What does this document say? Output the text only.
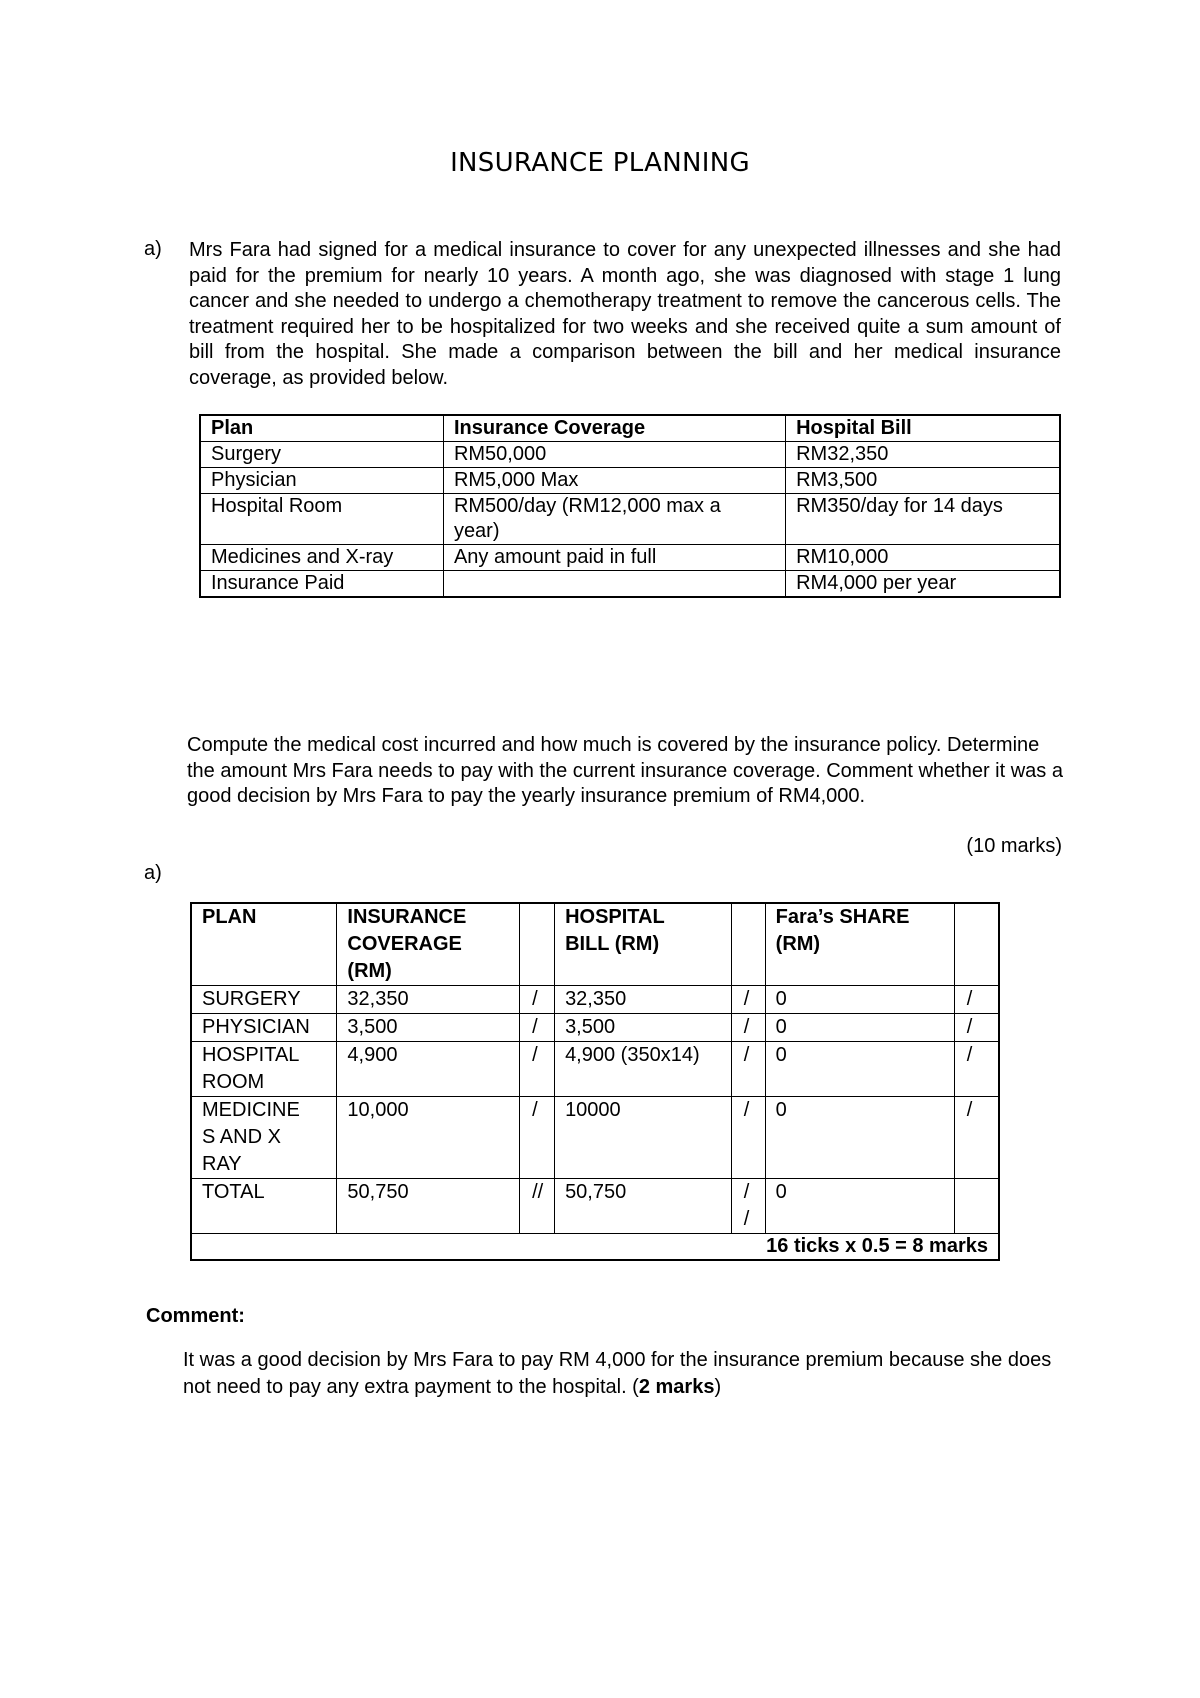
INSURANCE PLANNING
a) Mrs Fara had signed for a medical insurance to cover for any unexpected illnesses and she had paid for the premium for nearly 10 years. A month ago, she was diagnosed with stage 1 lung cancer and she needed to undergo a chemotherapy treatment to remove the cancerous cells. The treatment required her to be hospitalized for two weeks and she received quite a sum amount of bill from the hospital. She made a comparison between the bill and her medical insurance coverage, as provided below.
Plan	Insurance Coverage	Hospital Bill
Surgery	RM50,000	RM32,350
Physician	RM5,000 Max	RM3,500
Hospital Room	RM500/day (RM12,000 max a year)	RM350/day for 14 days
Medicines and X-ray	Any amount paid in full	RM10,000
Insurance Paid		RM4,000 per year
Compute the medical cost incurred and how much is covered by the insurance policy. Determine the amount Mrs Fara needs to pay with the current insurance coverage. Comment whether it was a good decision by Mrs Fara to pay the yearly insurance premium of RM4,000.
(10 marks)
a)
PLAN	INSURANCE COVERAGE (RM)		HOSPITAL BILL (RM)		Fara’s SHARE (RM)	
SURGERY	32,350	/	32,350	/	0	/
PHYSICIAN	3,500	/	3,500	/	0	/
HOSPITAL ROOM	4,900	/	4,900 (350x14)	/	0	/
MEDICINE S AND X RAY	10,000	/	10000	/	0	/
TOTAL	50,750	//	50,750	/ /	0	
16 ticks x 0.5 = 8 marks						
Comment:
It was a good decision by Mrs Fara to pay RM 4,000 for the insurance premium because she does not need to pay any extra payment to the hospital. (2 marks)
